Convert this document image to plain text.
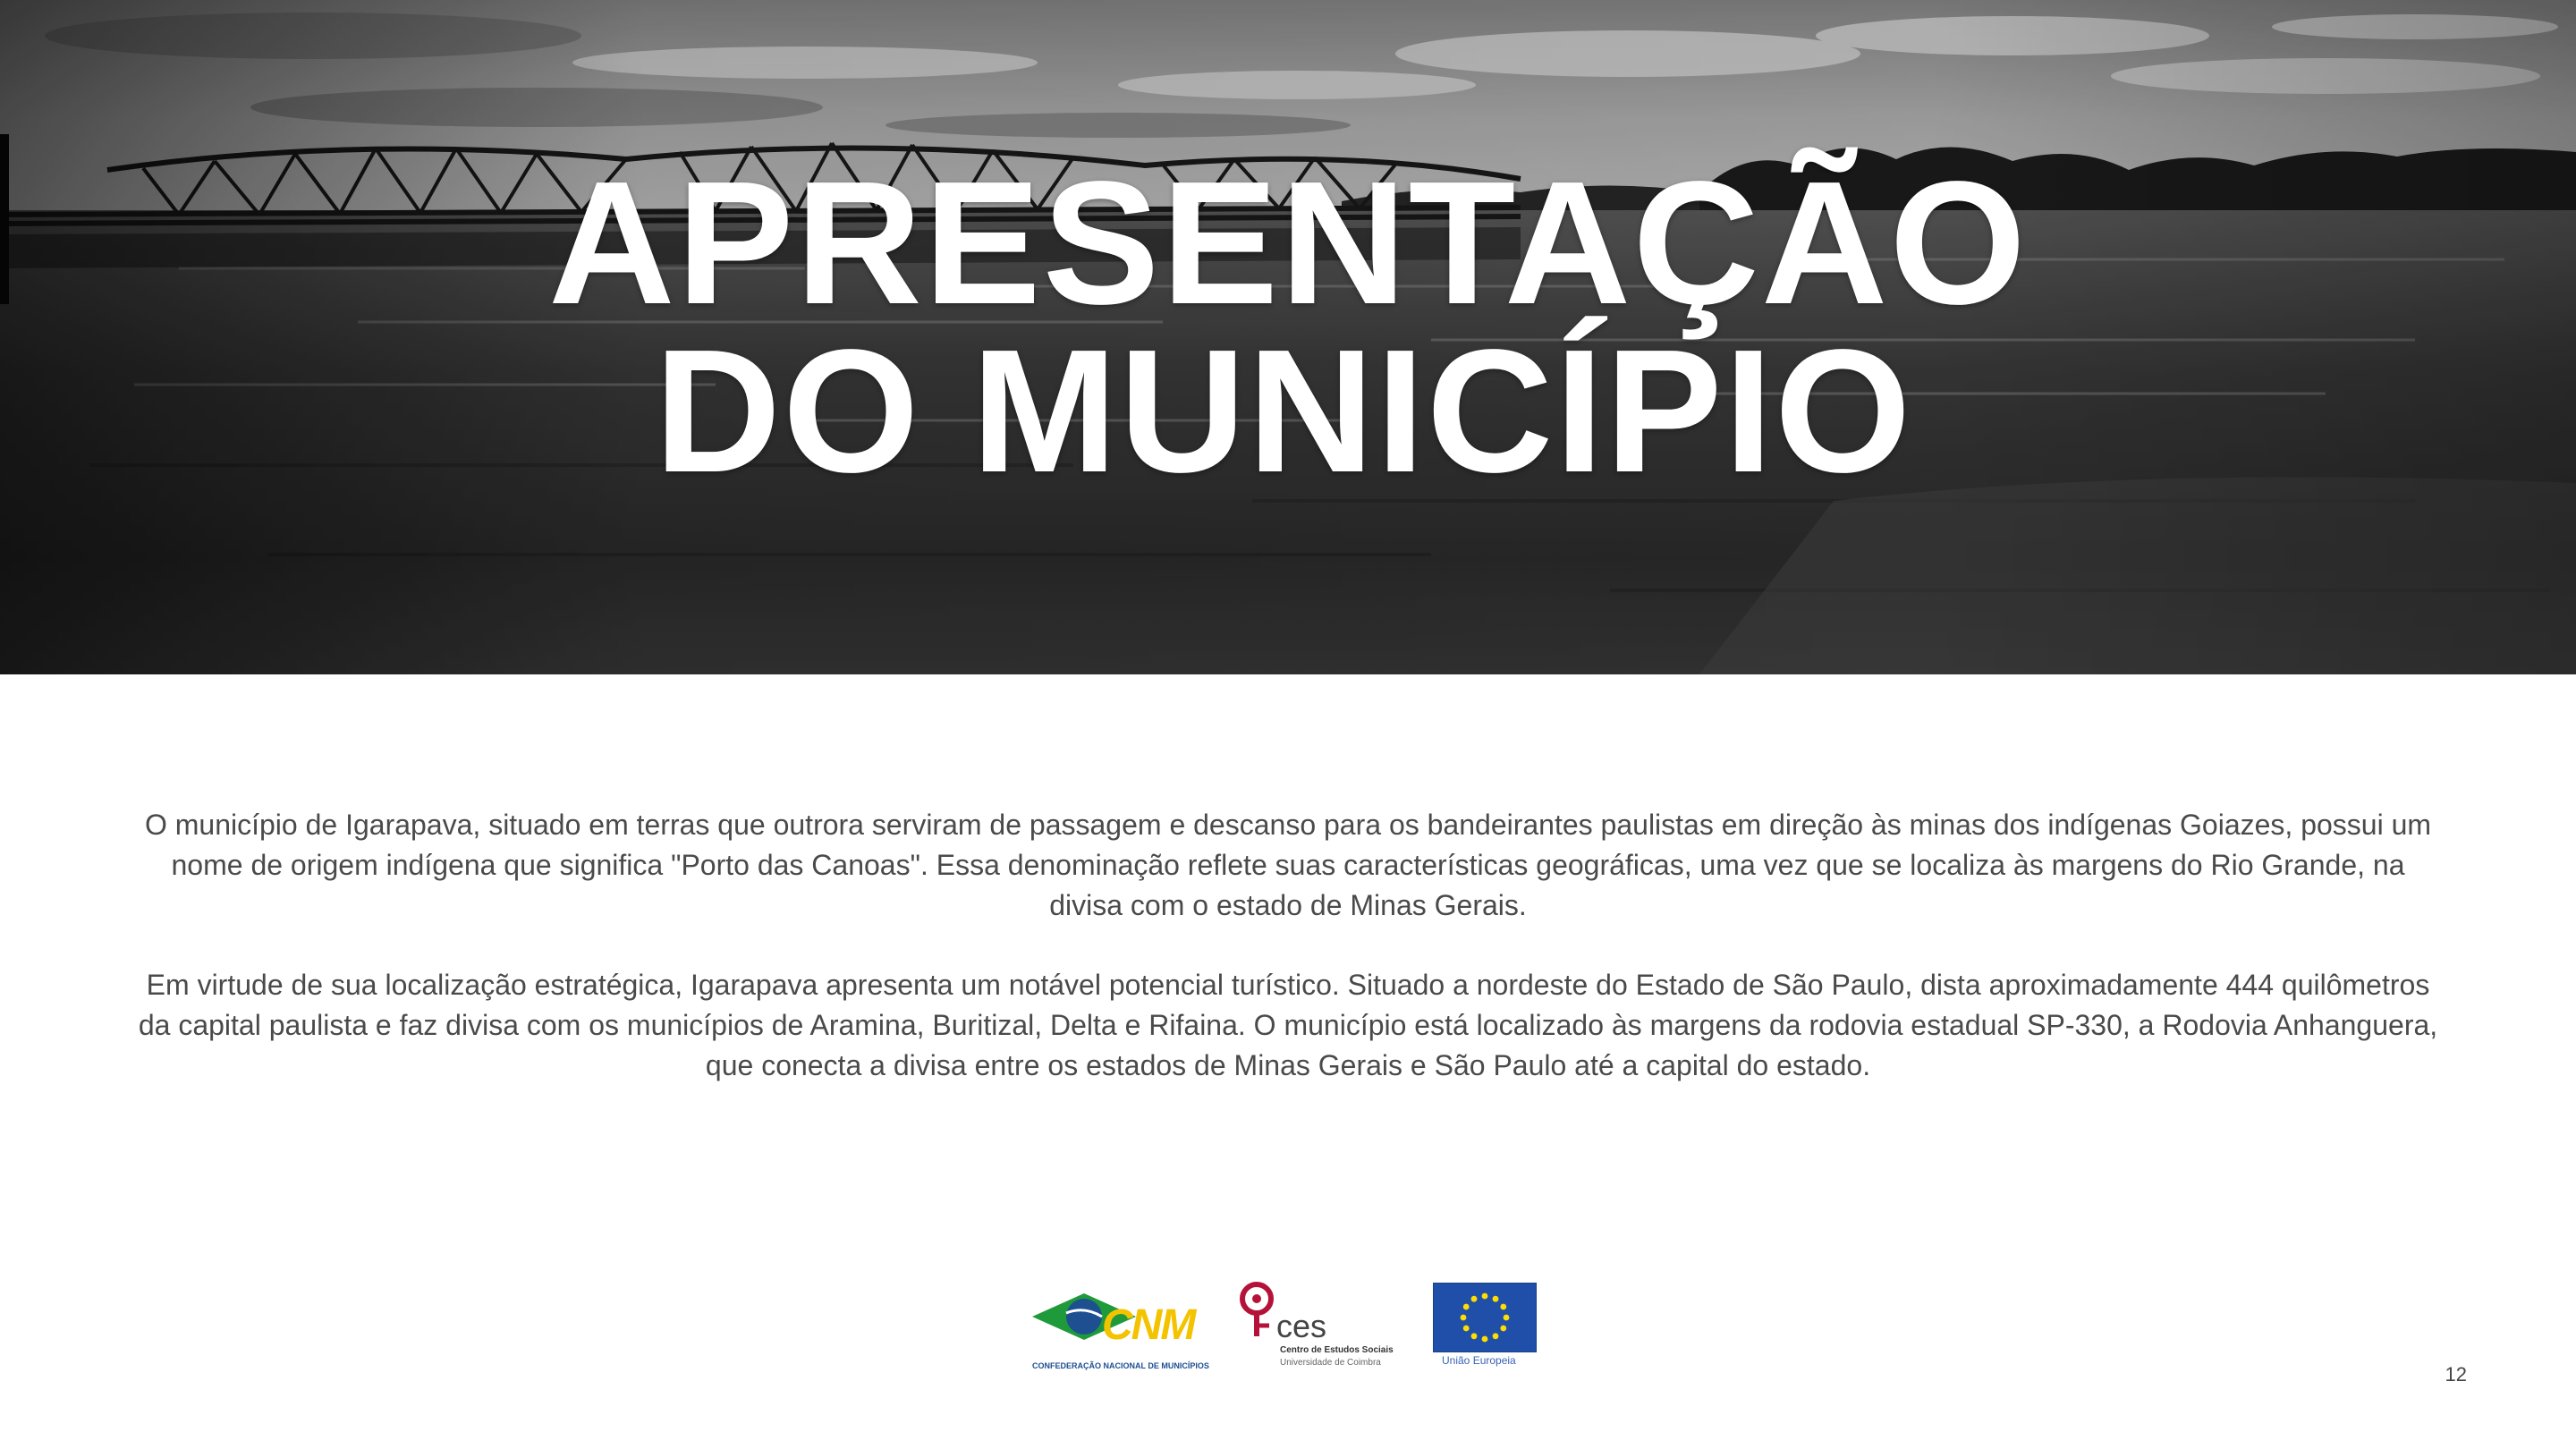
APRESENTAÇÃO
DO MUNICÍPIO

O município de Igarapava, situado em terras que outrora serviram de passagem e descanso para os bandeirantes paulistas em direção às minas dos indígenas Goiazes, possui um nome de origem indígena que significa "Porto das Canoas". Essa denominação reflete suas características geográficas, uma vez que se localiza às margens do Rio Grande, na divisa com o estado de Minas Gerais.

Em virtude de sua localização estratégica, Igarapava apresenta um notável potencial turístico. Situado a nordeste do Estado de São Paulo, dista aproximadamente 444 quilômetros da capital paulista e faz divisa com os municípios de Aramina, Buritizal, Delta e Rifaina. O município está localizado às margens da rodovia estadual SP-330, a Rodovia Anhanguera, que conecta a divisa entre os estados de Minas Gerais e São Paulo até a capital do estado.

CNM
CONFEDERAÇÃO NACIONAL DE MUNICÍPIOS
ces
Centro de Estudos Sociais
Universidade de Coimbra	União Europeia
12
